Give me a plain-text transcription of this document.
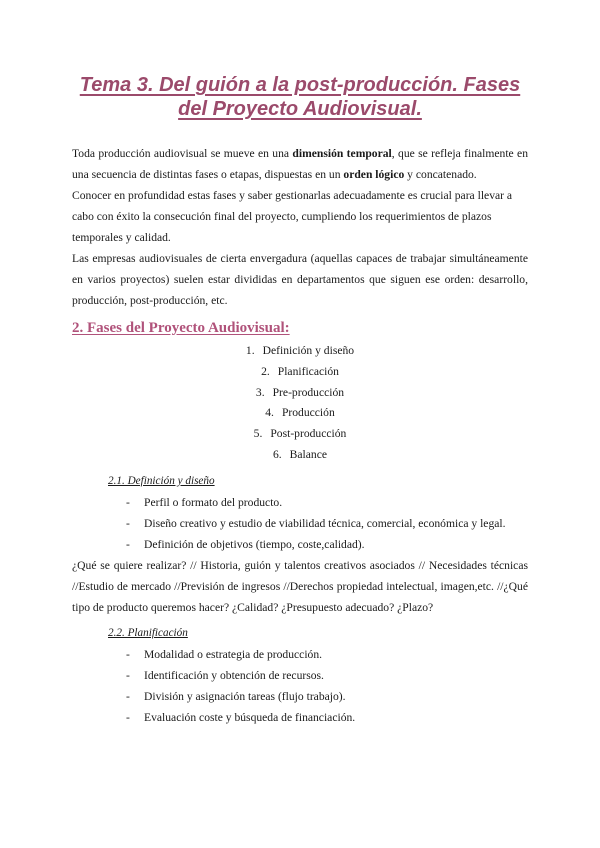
Tema 3. Del guión a la post-producción. Fases
del Proyecto Audiovisual.

Toda producción audiovisual se mueve en una dimensión temporal, que se refleja finalmente en una secuencia de distintas fases o etapas, dispuestas en un orden lógico y concatenado.

Conocer en profundidad estas fases y saber gestionarlas adecuadamente es crucial para llevar a cabo con éxito la consecución final del proyecto, cumpliendo los requerimientos de plazos temporales y calidad.

Las empresas audiovisuales de cierta envergadura (aquellas capaces de trabajar simultáneamente en varios proyectos) suelen estar divididas en departamentos que siguen ese orden: desarrollo, producción, post-producción, etc.

2. Fases del Proyecto Audiovisual:
1. Definición y diseño
2. Planificación
3. Pre-producción
4. Producción
5. Post-producción
6. Balance
2.1. Definición y diseño
- Perfil o formato del producto.
- Diseño creativo y estudio de viabilidad técnica, comercial, económica y legal.
- Definición de objetivos (tiempo, coste,calidad).

¿Qué se quiere realizar? // Historia, guión y talentos creativos asociados // Necesidades técnicas //Estudio de mercado //Previsión de ingresos //Derechos propiedad intelectual, imagen,etc. //¿Qué tipo de producto queremos hacer? ¿Calidad? ¿Presupuesto adecuado? ¿Plazo?

2.2. Planificación
- Modalidad o estrategia de producción.
- Identificación y obtención de recursos.
- División y asignación tareas (flujo trabajo).
- Evaluación coste y búsqueda de financiación.
